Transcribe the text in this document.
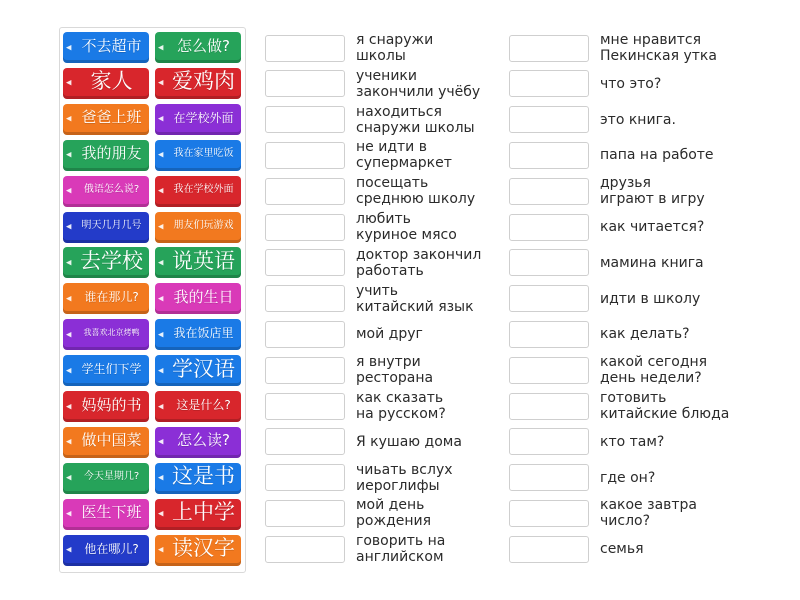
◀ 不去超市	◀ 怎么做?
◀ 家人	◀ 爱鸡肉
◀ 爸爸上班	◀ 在学校外面
◀ 我的朋友	◀	我在家里吃饭
◀	俄语怎么说?	◀	我在学校外面
◀	明天几月几号	◀	朋友们玩游戏
◀ 去学校	◀ 说英语
◀	谁在那儿?	◀ 我的生日
◀	我喜欢北京烤鸭	◀ 我在饭店里
◀ 学生们下学	◀ 学汉语
◀ 妈妈的书	◀	这是什么?
◀ 做中国菜	◀ 怎么读?
◀	今天星期几?	◀ 这是书
◀ 医生下班	◀ 上中学
◀	他在哪儿?	◀ 读汉字
я снаружи
школы
ученики
закончили учёбу
находиться
снаружи школы
не идти в
супермаркет
посещать
среднюю школу
любить
куриное мясо
доктор закончил
работать
учить
китайский язык
мой друг
я внутри
ресторана
как сказать
на русском?
Я кушаю дома
чиьать вслух
иероглифы
мой день
рождения
говорить на
английском
мне нравится
Пекинская утка
что это?
это книга.
папа на работе
друзья
играют в игру
как читается?
мамина книга
идти в школу
как делать?
какой сегодня
день недели?
готовить
китайские блюда
кто там?
где он?
какое завтра
число?
семья
